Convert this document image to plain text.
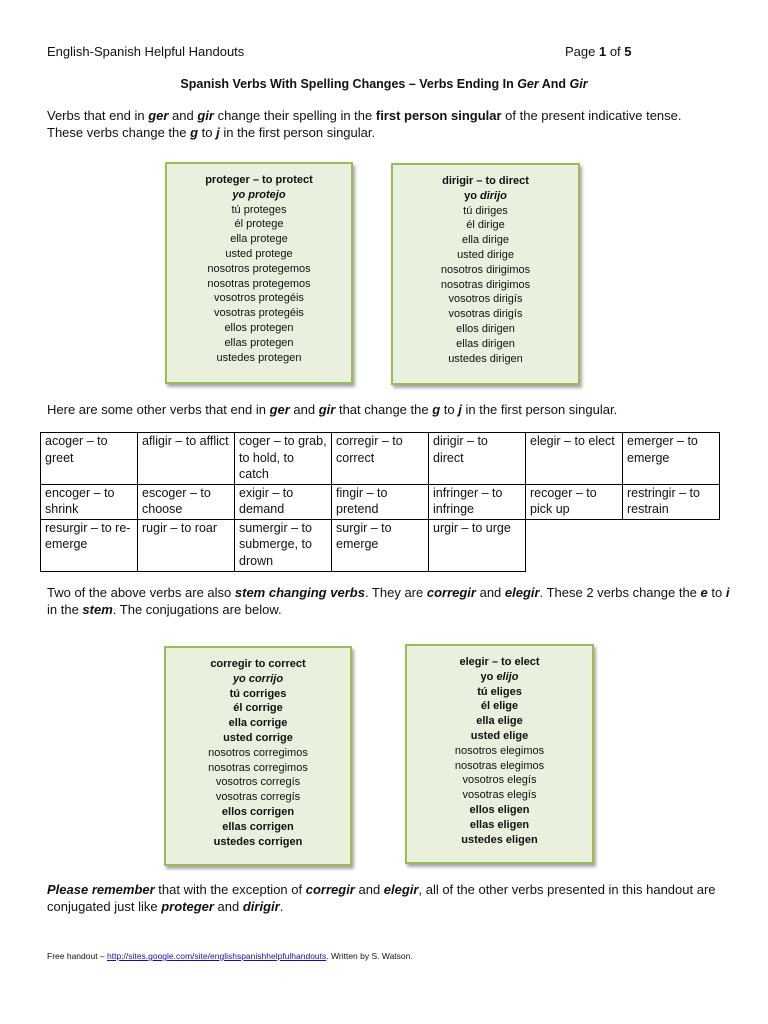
English-Spanish Helpful Handouts	Page 1 of 5
Spanish Verbs With Spelling Changes – Verbs Ending In Ger And Gir
Verbs that end in ger and gir change their spelling in the first person singular of the present indicative tense.
These verbs change the g to j in the first person singular.
proteger – to protect
yo protejo
tú proteges
él protege
ella protege
usted protege
nosotros protegemos
nosotras protegemos
vosotros protegéis
vosotras protegéis
ellos protegen
ellas protegen
ustedes protegen
dirigir – to direct
yo dirijo
tú diriges
él dirige
ella dirige
usted dirige
nosotros dirigimos
nosotras dirigimos
vosotros dirigís
vosotras dirigís
ellos dirigen
ellas dirigen
ustedes dirigen
Here are some other verbs that end in ger and gir that change the g to j in the first person singular.
acoger – to greet	afligir – to afflict	coger – to grab, to hold, to catch	corregir – to correct	dirigir – to direct	elegir – to elect	emerger – to emerge
encoger – to shrink	escoger – to choose	exigir – to demand	fingir – to pretend	infringer – to infringe	recoger – to pick up	restringir – to restrain
resurgir – to re-emerge	rugir – to roar	sumergir – to submerge, to drown	surgir – to emerge	urgir – to urge		
Two of the above verbs are also stem changing verbs. They are corregir and elegir. These 2 verbs change the e to i
in the stem. The conjugations are below.
corregir to correct
yo corrijo
tú corriges
él corrige
ella corrige
usted corrige
nosotros corregimos
nosotras corregimos
vosotros corregís
vosotras corregís
ellos corrigen
ellas corrigen
ustedes corrigen
elegir – to elect
yo elijo
tú eliges
él elige
ella elige
usted elige
nosotros elegimos
nosotras elegimos
vosotros elegís
vosotras elegís
ellos eligen
ellas eligen
ustedes eligen
Please remember that with the exception of corregir and elegir, all of the other verbs presented in this handout are
conjugated just like proteger and dirigir.
Free handout – http://sites.google.com/site/englishspanishhelpfulhandouts. Written by S. Watson.
